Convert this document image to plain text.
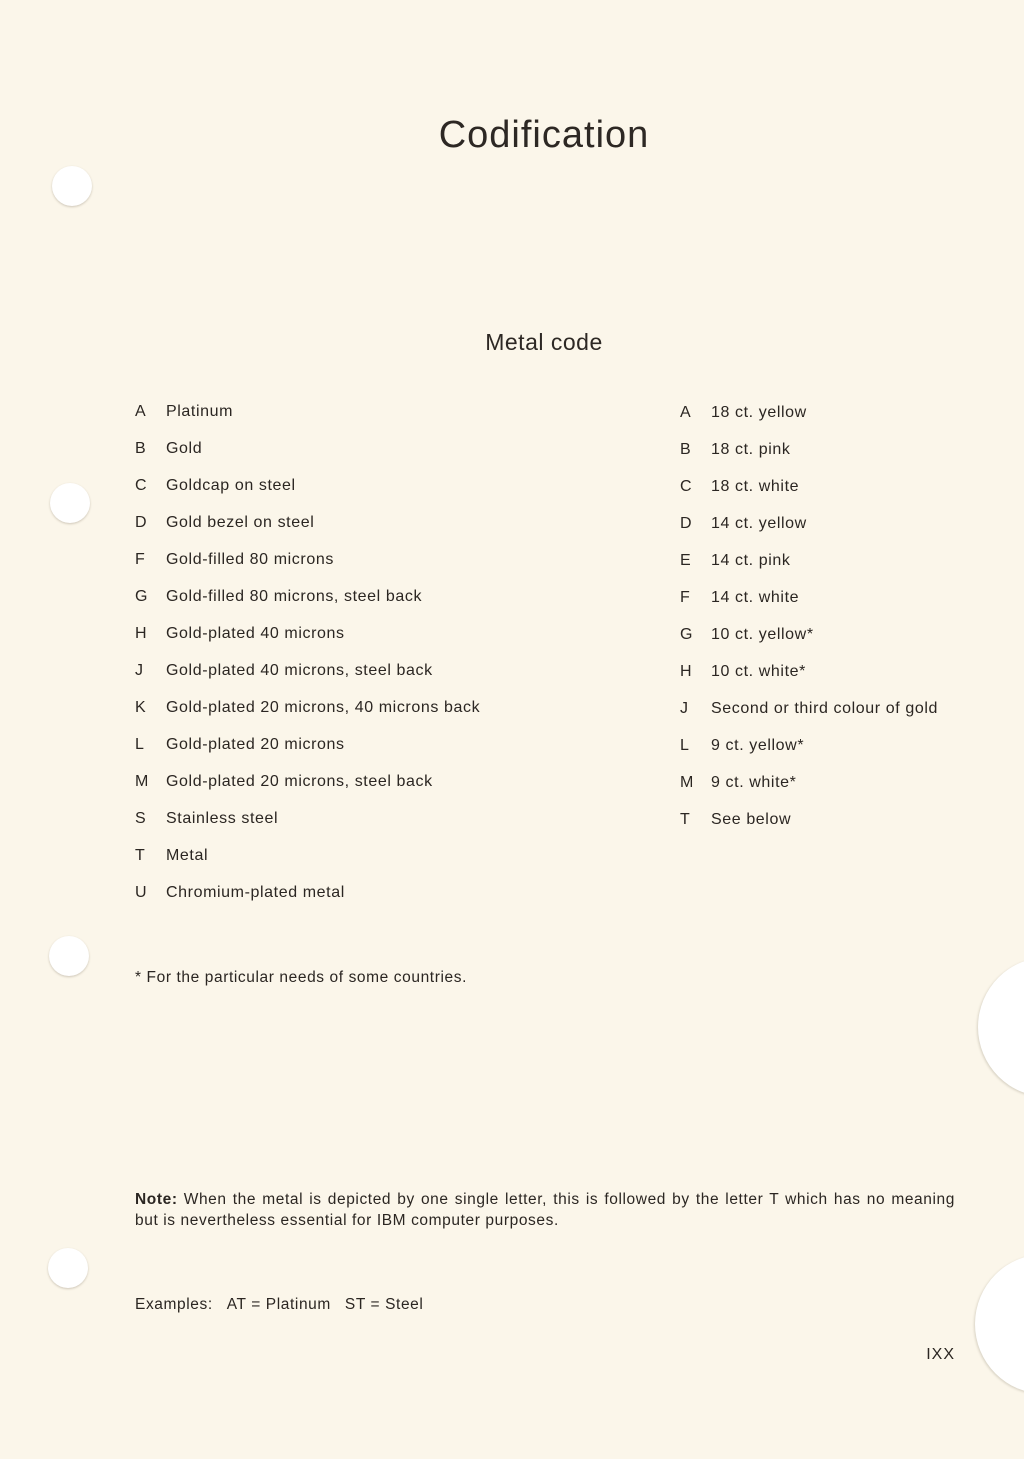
Codification
Metal code
A	Platinum
B	Gold
C	Goldcap on steel
D	Gold bezel on steel
F	Gold-filled 80 microns
G	Gold-filled 80 microns, steel back
H	Gold-plated 40 microns
J	Gold-plated 40 microns, steel back
K	Gold-plated 20 microns, 40 microns back
L	Gold-plated 20 microns
M	Gold-plated 20 microns, steel back
S	Stainless steel
T	Metal
U	Chromium-plated metal
A	18 ct. yellow
B	18 ct. pink
C	18 ct. white
D	14 ct. yellow
E	14 ct. pink
F	14 ct. white
G	10 ct. yellow*
H	10 ct. white*
J	Second or third colour of gold
L	9 ct. yellow*
M	9 ct. white*
T	See below
* For the particular needs of some countries.
Note: When the metal is depicted by one single letter, this is followed by the letter T which has no meaning but is nevertheless essential for IBM computer purposes.
Examples: AT = Platinum ST = Steel
IXX
